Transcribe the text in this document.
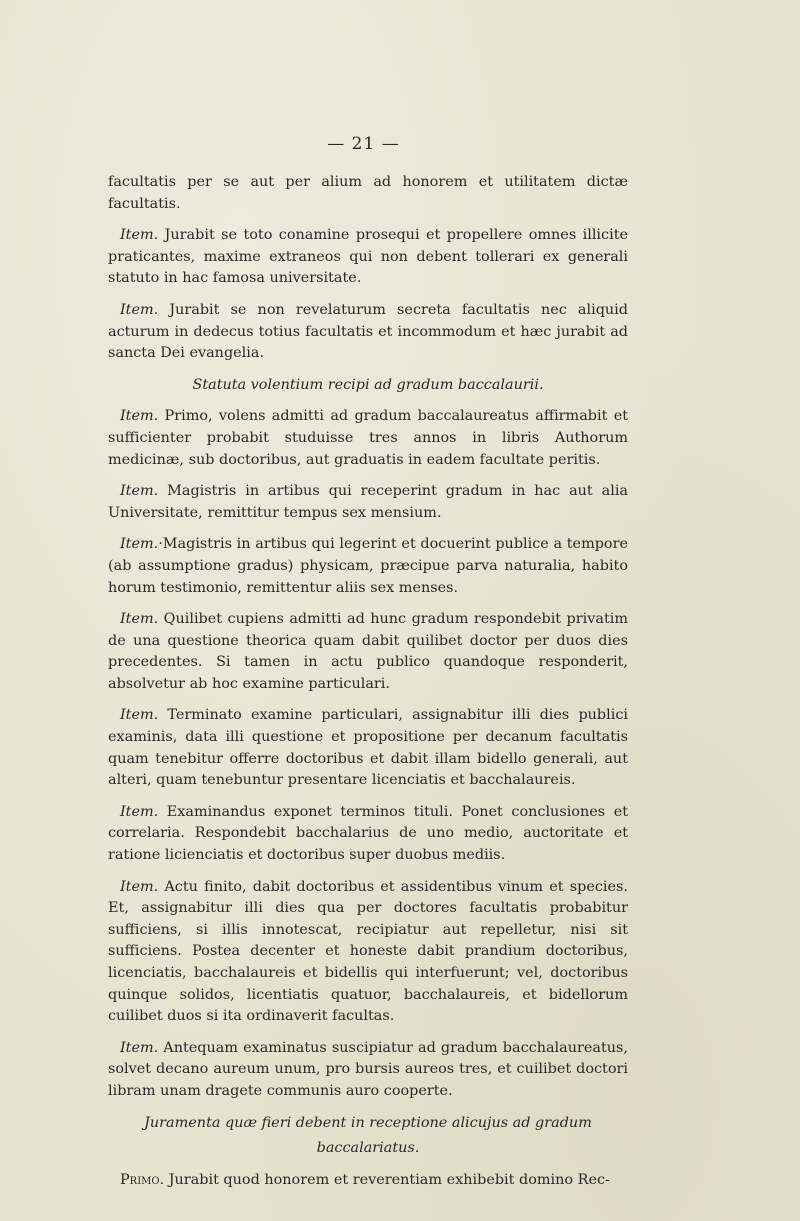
— 21 —

facultatis per se aut per alium ad honorem et utilitatem dictæ facultatis.

Item. Jurabit se toto conamine prosequi et propellere omnes illicite praticantes, maxime extraneos qui non debent tollerari ex generali statuto in hac famosa universitate.

Item. Jurabit se non revelaturum secreta facultatis nec aliquid acturum in dedecus totius facultatis et incommodum et hæc jurabit ad sancta Dei evangelia.

Statuta volentium recipi ad gradum baccalaurii.

Item. Primo, volens admitti ad gradum baccalaureatus affirmabit et sufficienter probabit studuisse tres annos in libris Authorum medicinæ, sub doctoribus, aut graduatis in eadem facultate peritis.

Item. Magistris in artibus qui receperint gradum in hac aut alia Universitate, remittitur tempus sex mensium.

Item.·Magistris in artibus qui legerint et docuerint publice a tempore (ab assumptione gradus) physicam, præcipue parva naturalia, habito horum testimonio, remittentur aliis sex menses.

Item. Quilibet cupiens admitti ad hunc gradum respondebit privatim de una questione theorica quam dabit quilibet doctor per duos dies precedentes. Si tamen in actu publico quandoque responderit, absolvetur ab hoc examine particulari.

Item. Terminato examine particulari, assignabitur illi dies publici examinis, data illi questione et propositione per decanum facultatis quam tenebitur offerre doctoribus et dabit illam bidello generali, aut alteri, quam tenebuntur presentare licenciatis et bacchalaureis.

Item. Examinandus exponet terminos tituli. Ponet conclusiones et correlaria. Respondebit bacchalarius de uno medio, auctoritate et ratione licienciatis et doctoribus super duobus mediis.

Item. Actu finito, dabit doctoribus et assidentibus vinum et species. Et, assignabitur illi dies qua per doctores facultatis probabitur sufficiens, si illis innotescat, recipiatur aut repelletur, nisi sit sufficiens. Postea decenter et honeste dabit prandium doctoribus, licenciatis, bacchalaureis et bidellis qui interfuerunt; vel, doctoribus quinque solidos, licentiatis quatuor, bacchalaureis, et bidellorum cuilibet duos si ita ordinaverit facultas.

Item. Antequam examinatus suscipiatur ad gradum bacchalaureatus, solvet decano aureum unum, pro bursis aureos tres, et cuilibet doctori libram unam dragete communis auro cooperte.

Juramenta quæ fieri debent in receptione alicujus ad gradum

baccalariatus.

Primo. Jurabit quod honorem et reverentiam exhibebit domino Rec-
